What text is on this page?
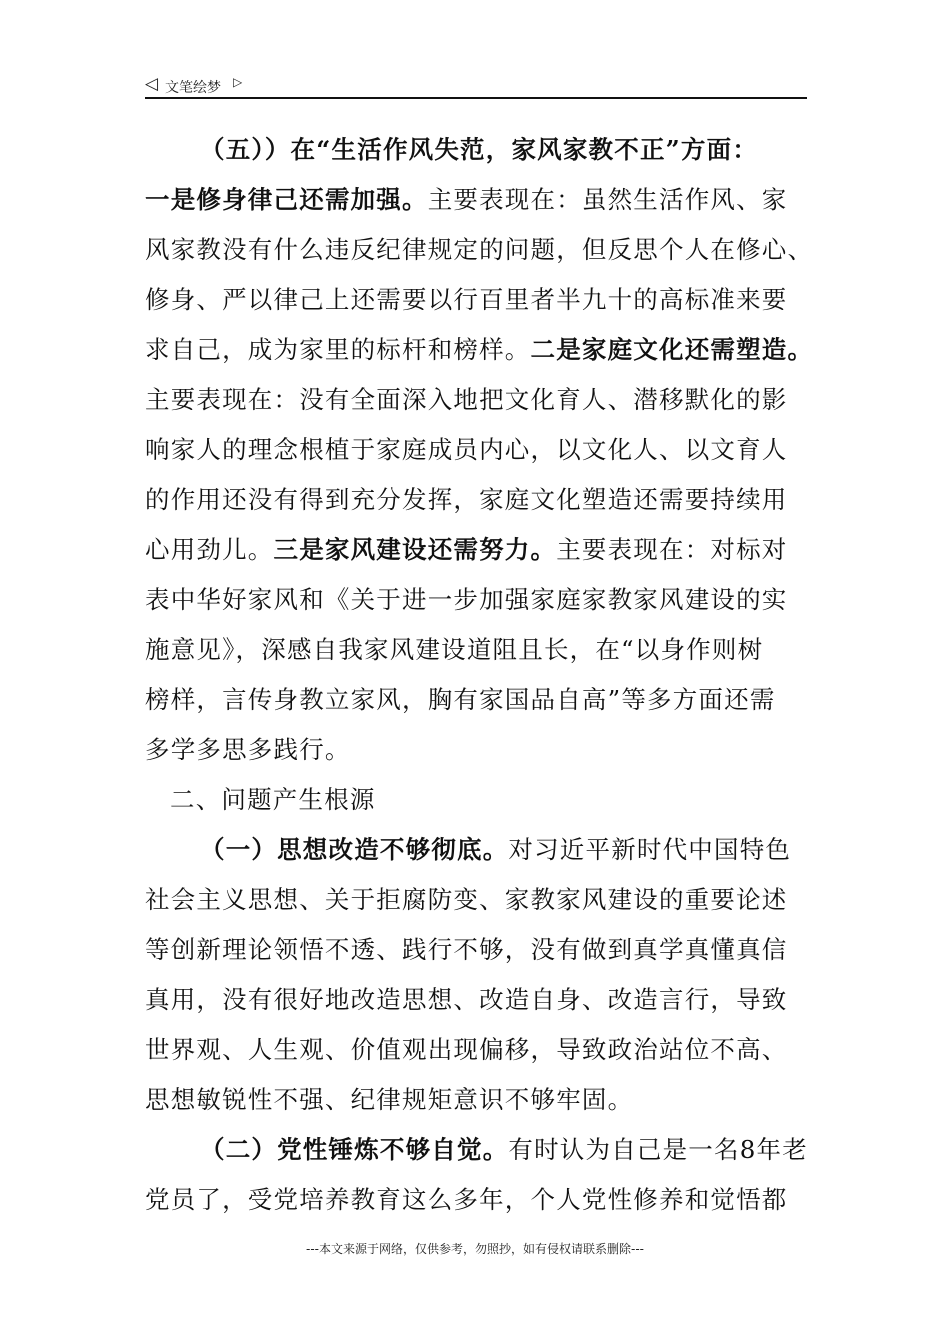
◁ 文笔绘梦 ▷
（五））在“生活作风失范，家风家教不正”方面：
一是修身律己还需加强。主要表现在：虽然生活作风、家
风家教没有什么违反纪律规定的问题，但反思个人在修心、
修身、严以律己上还需要以行百里者半九十的高标准来要
求自己，成为家里的标杆和榜样。二是家庭文化还需塑造。
主要表现在：没有全面深入地把文化育人、潜移默化的影
响家人的理念根植于家庭成员内心，以文化人、以文育人
的作用还没有得到充分发挥，家庭文化塑造还需要持续用
心用劲儿。三是家风建设还需努力。主要表现在：对标对
表中华好家风和《关于进一步加强家庭家教家风建设的实
施意见》，深感自我家风建设道阻且长，在“以身作则树
榜样，言传身教立家风，胸有家国品自高”等多方面还需
多学多思多践行。
二、问题产生根源
（一）思想改造不够彻底。对习近平新时代中国特色
社会主义思想、关于拒腐防变、家教家风建设的重要论述
等创新理论领悟不透、践行不够，没有做到真学真懂真信
真用，没有很好地改造思想、改造自身、改造言行，导致
世界观、人生观、价值观出现偏移，导致政治站位不高、
思想敏锐性不强、纪律规矩意识不够牢固。
（二）党性锤炼不够自觉。有时认为自己是一名8年老
党员了，受党培养教育这么多年，个人党性修养和觉悟都
---本文来源于网络，仅供参考，勿照抄，如有侵权请联系删除---
